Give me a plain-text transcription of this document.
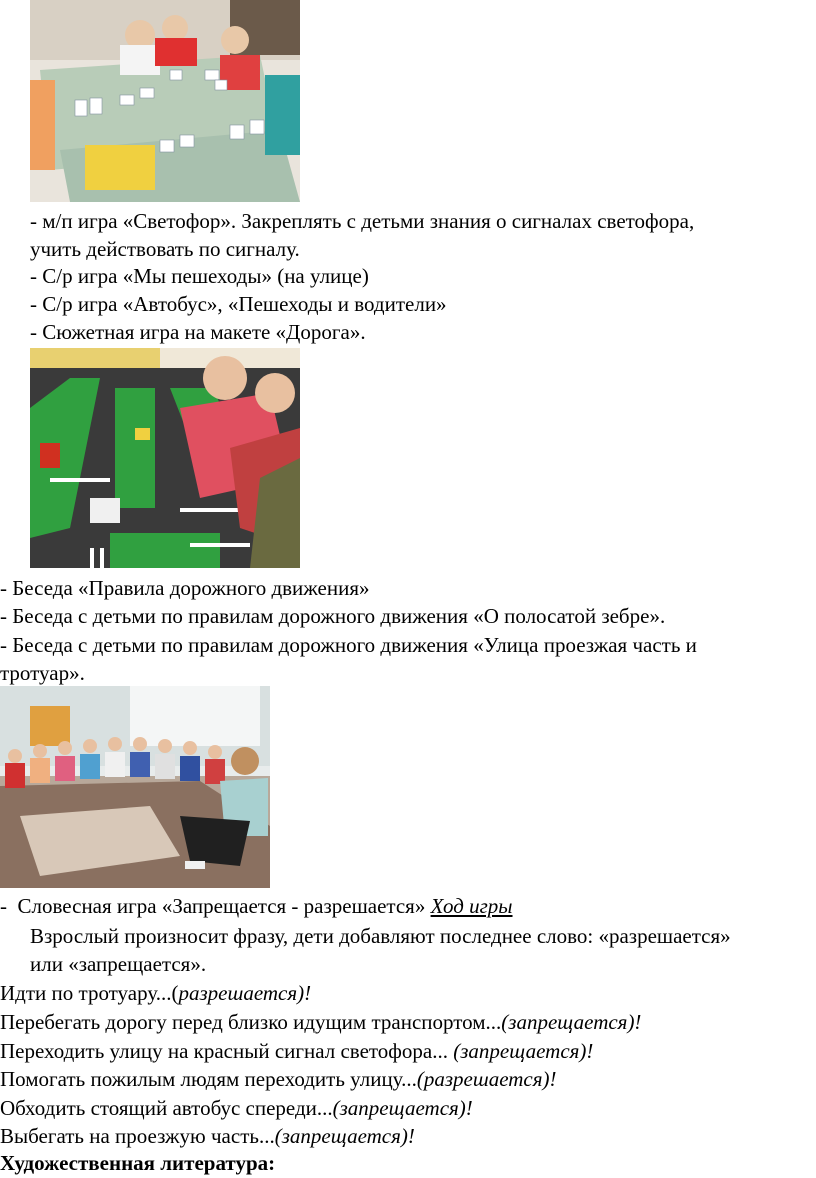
- м/п игра «Светофор». Закреплять с детьми знания о сигналах светофора,
учить действовать по сигналу.
- С/р игра «Мы пешеходы» (на улице)
- С/р игра «Автобус», «Пешеходы и водители»
- Сюжетная игра на макете «Дорога».
- Беседа «Правила дорожного движения»
- Беседа с детьми по правилам дорожного движения «О полосатой зебре».
- Беседа с детьми по правилам дорожного движения «Улица проезжая часть и
тротуар».
- Словесная игра «Запрещается - разрешается» Ход игры
Взрослый произносит фразу, дети добавляют последнее слово: «разрешается»
или «запрещается».
Идти по тротуару...(разрешается)!
Перебегать дорогу перед близко идущим транспортом...(запрещается)!
Переходить улицу на красный сигнал светофора... (запрещается)!
Помогать пожилым людям переходить улицу...(разрешается)!
Обходить стоящий автобус спереди...(запрещается)!
Выбегать на проезжую часть...(запрещается)!
Художественная литература:
